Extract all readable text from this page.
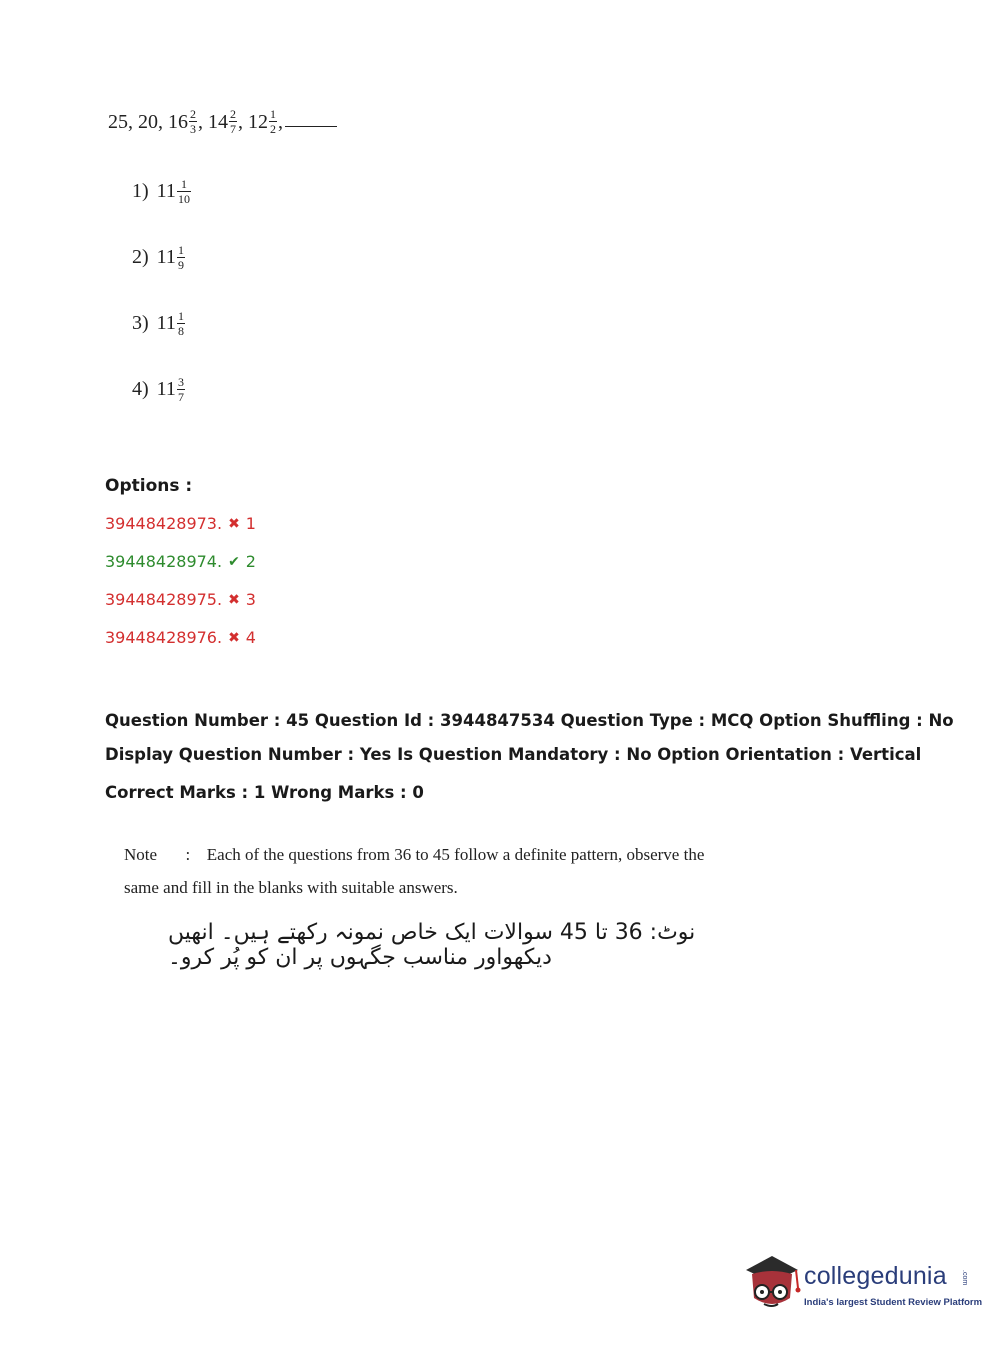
25,
20,
$16 \frac{2}{3}$ ,
$14 \frac{2}{7}$ ,
$12 \frac{1}{2}$ ,
1) $11 \frac{1}{10}$
2) $11 \frac{1}{9}$
3) $11 \frac{1}{8}$
4) $11 \frac{3}{7}$
Options :
39448428973. ✖ 1
39448428974. ✔ 2
39448428975. ✖ 3
39448428976. ✖ 4
Question Number : 45 Question Id : 3944847534 Question Type : MCQ Option Shuffling : No
Display Question Number : Yes Is Question Mandatory : No Option Orientation : Vertical
Correct Marks : 1 Wrong Marks : 0
Note : Each of the questions from 36 to 45 follow a definite pattern, observe the
same and fill in the blanks with suitable answers.
نوٹ: 36 تا 45 سوالات ایک خاص نمونہ رکھتے ہیں۔ انھیں دیکھواور مناسب جگہوں پر ان کو پُر کرو۔
collegedunia .com
India's largest Student Review Platform
